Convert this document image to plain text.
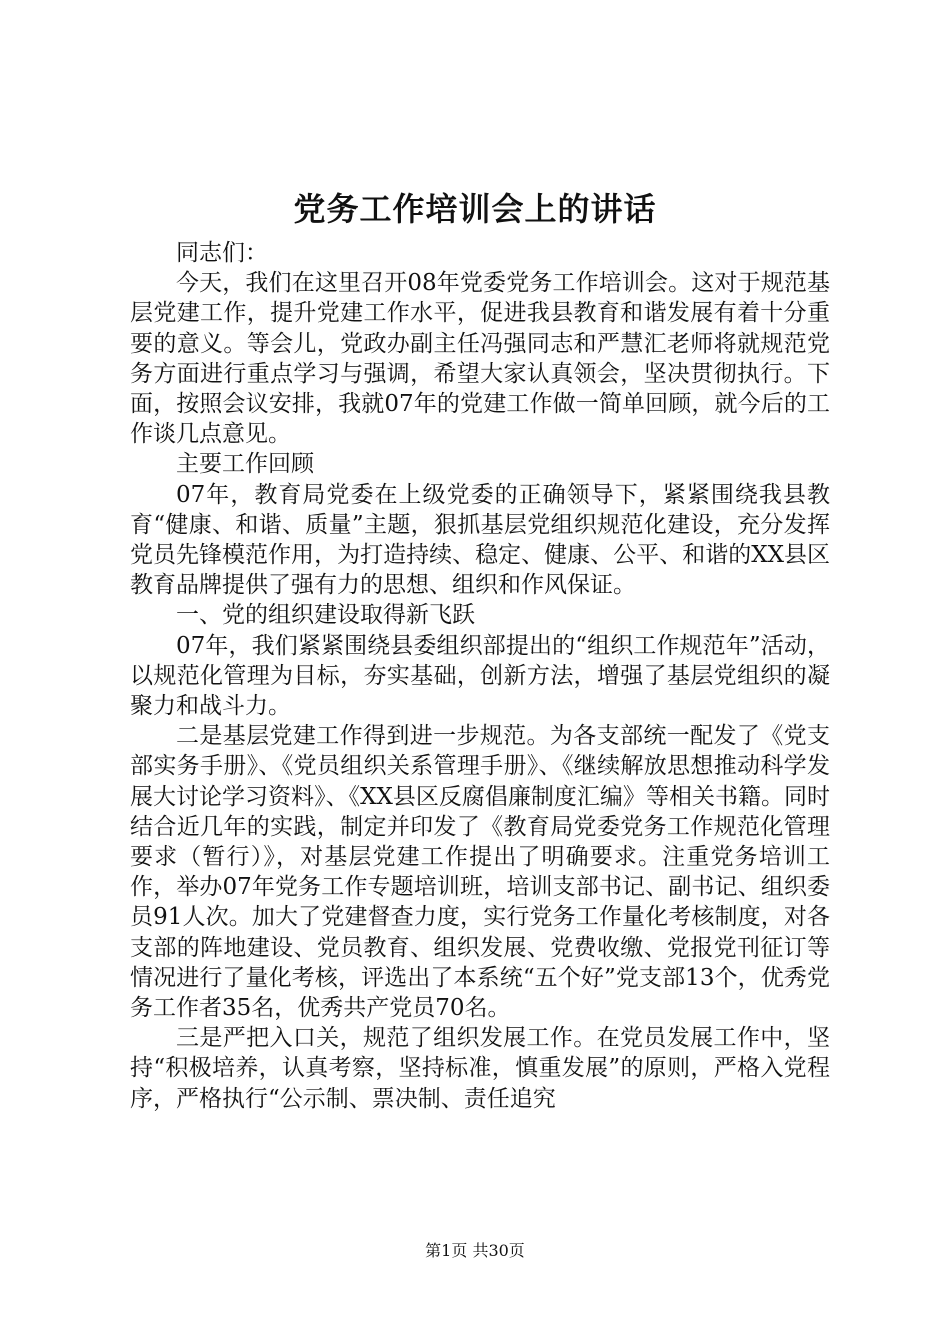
党务工作培训会上的讲话

同志们：

今天，我们在这里召开08年党委党务工作培训会。这对于规范基层党建工作，提升党建工作水平，促进我县教育和谐发展有着十分重要的意义。等会儿，党政办副主任冯强同志和严慧汇老师将就规范党务方面进行重点学习与强调，希望大家认真领会，坚决贯彻执行。下面，按照会议安排，我就07年的党建工作做一简单回顾，就今后的工作谈几点意见。

主要工作回顾

07年，教育局党委在上级党委的正确领导下，紧紧围绕我县教育“健康、和谐、质量”主题，狠抓基层党组织规范化建设，充分发挥党员先锋模范作用，为打造持续、稳定、健康、公平、和谐的XX县区教育品牌提供了强有力的思想、组织和作风保证。

一、党的组织建设取得新飞跃

07年，我们紧紧围绕县委组织部提出的“组织工作规范年”活动，以规范化管理为目标，夯实基础，创新方法，增强了基层党组织的凝聚力和战斗力。

二是基层党建工作得到进一步规范。为各支部统一配发了《党支部实务手册》、《党员组织关系管理手册》、《继续解放思想推动科学发展大讨论学习资料》、《XX县区反腐倡廉制度汇编》等相关书籍。同时结合近几年的实践，制定并印发了《教育局党委党务工作规范化管理要求（暂行）》，对基层党建工作提出了明确要求。注重党务培训工作，举办07年党务工作专题培训班，培训支部书记、副书记、组织委员91人次。加大了党建督查力度，实行党务工作量化考核制度，对各支部的阵地建设、党员教育、组织发展、党费收缴、党报党刊征订等情况进行了量化考核，评选出了本系统“五个好”党支部13个，优秀党务工作者35名，优秀共产党员70名。

三是严把入口关，规范了组织发展工作。在党员发展工作中，坚持“积极培养，认真考察，坚持标准，慎重发展”的原则，严格入党程序，严格执行“公示制、票决制、责任追究

第1页 共30页
